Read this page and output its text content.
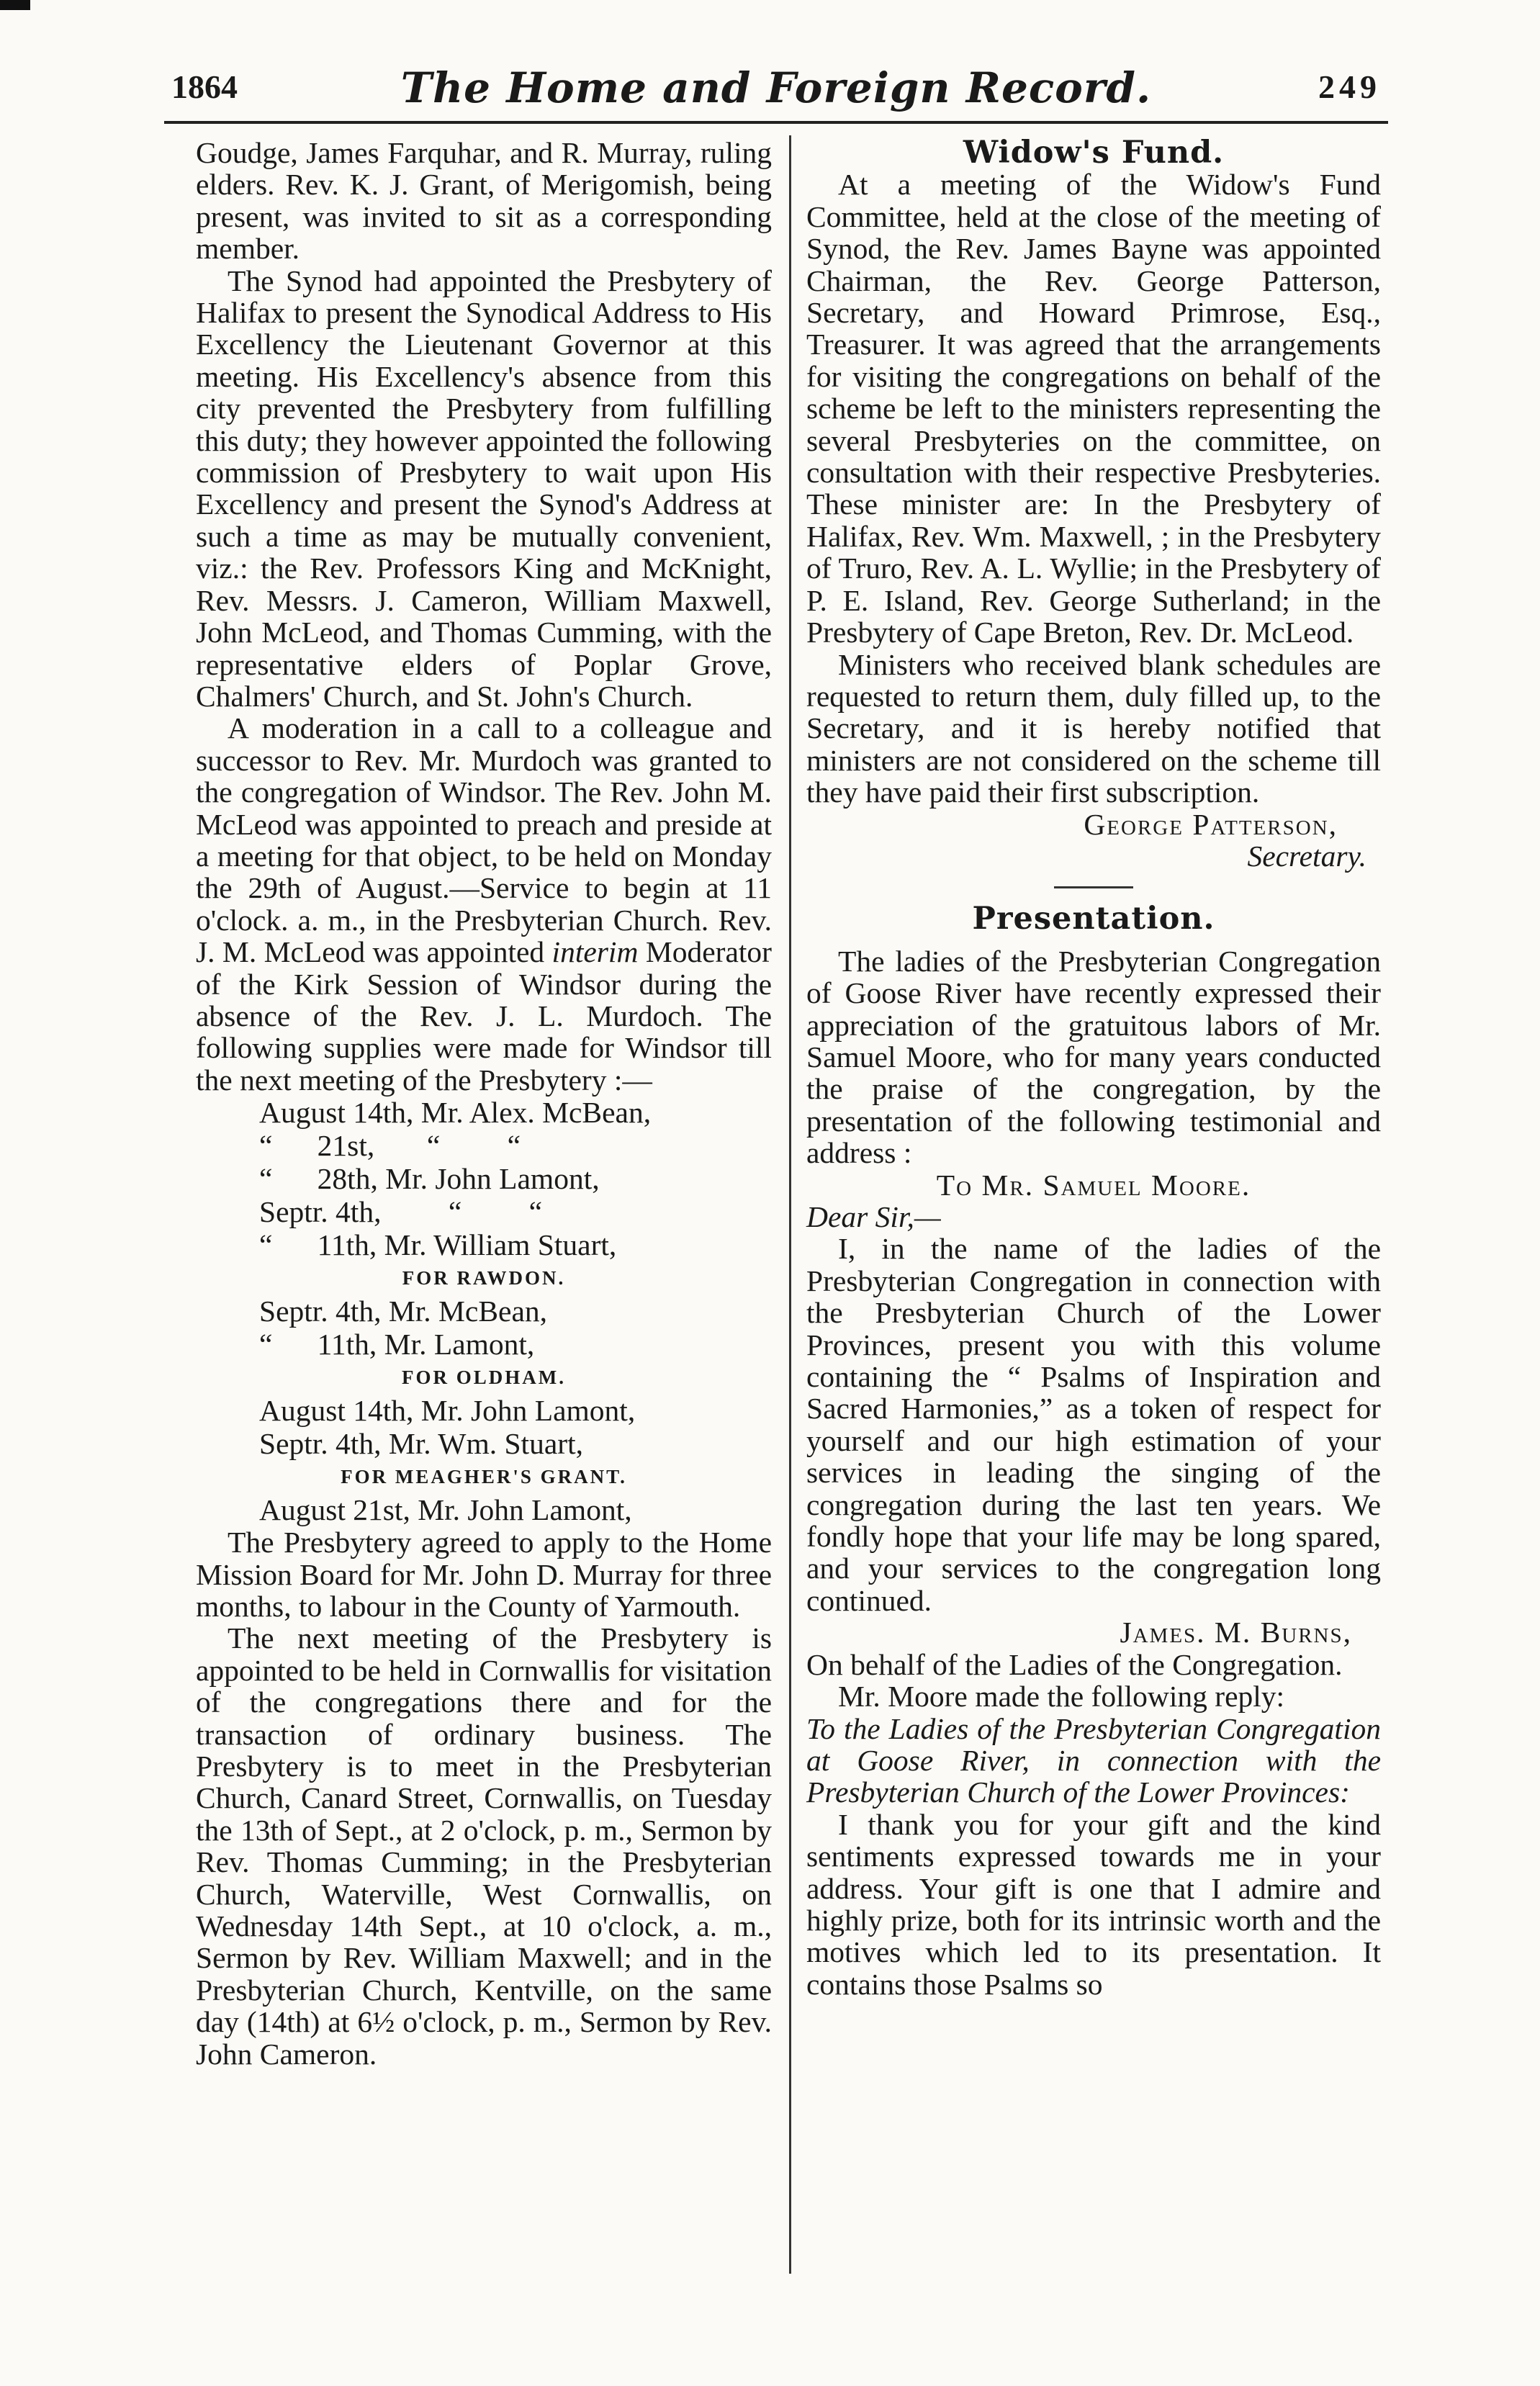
1864	The Home and Foreign Record.	249

Goudge, James Farquhar, and R. Murray, ruling elders. Rev. K. J. Grant, of Merigomish, being present, was invited to sit as a corresponding member.

The Synod had appointed the Presbytery of Halifax to present the Synodical Address to His Excellency the Lieutenant Governor at this meeting. His Excellency's absence from this city prevented the Presbytery from fulfilling this duty; they however appointed the following commission of Presbytery to wait upon His Excellency and present the Synod's Address at such a time as may be mutually convenient, viz.: the Rev. Professors King and McKnight, Rev. Messrs. J. Cameron, William Maxwell, John McLeod, and Thomas Cumming, with the representative elders of Poplar Grove, Chalmers' Church, and St. John's Church.

A moderation in a call to a colleague and successor to Rev. Mr. Murdoch was granted to the congregation of Windsor. The Rev. John M. McLeod was appointed to preach and preside at a meeting for that object, to be held on Monday the 29th of August.—Service to begin at 11 o'clock. a. m., in the Presbyterian Church. Rev. J. M. McLeod was appointed interim Moderator of the Kirk Session of Windsor during the absence of the Rev. J. L. Murdoch. The following supplies were made for Windsor till the next meeting of the Presbytery :—

August 14th, Mr. Alex. McBean,
“      21st,       “         “
“      28th, Mr. John Lamont,
Septr. 4th,         “         “
“      11th, Mr. William Stuart,
FOR RAWDON.
Septr. 4th, Mr. McBean,
“      11th, Mr. Lamont,
FOR OLDHAM.
August 14th, Mr. John Lamont,
Septr. 4th, Mr. Wm. Stuart,
FOR MEAGHER'S GRANT.
August 21st, Mr. John Lamont,

The Presbytery agreed to apply to the Home Mission Board for Mr. John D. Murray for three months, to labour in the County of Yarmouth.

The next meeting of the Presbytery is appointed to be held in Cornwallis for visitation of the congregations there and for the transaction of ordinary business. The Presbytery is to meet in the Presbyterian Church, Canard Street, Cornwallis, on Tuesday the 13th of Sept., at 2 o'clock, p. m., Sermon by Rev. Thomas Cumming; in the Presbyterian Church, Waterville, West Cornwallis, on Wednesday 14th Sept., at 10 o'clock, a. m., Sermon by Rev. William Maxwell; and in the Presbyterian Church, Kentville, on the same day (14th) at 6½ o'clock, p. m., Sermon by Rev. John Cameron.

Widow's Fund.

At a meeting of the Widow's Fund Committee, held at the close of the meeting of Synod, the Rev. James Bayne was appointed Chairman, the Rev. George Patterson, Secretary, and Howard Primrose, Esq., Treasurer. It was agreed that the arrangements for visiting the congregations on behalf of the scheme be left to the ministers representing the several Presbyteries on the committee, on consultation with their respective Presbyteries. These minister are: In the Presbytery of Halifax, Rev. Wm. Maxwell, ; in the Presbytery of Truro, Rev. A. L. Wyllie; in the Presbytery of P. E. Island, Rev. George Sutherland; in the Presbytery of Cape Breton, Rev. Dr. McLeod.

Ministers who received blank schedules are requested to return them, duly filled up, to the Secretary, and it is hereby notified that ministers are not considered on the scheme till they have paid their first subscription.

George Patterson,
Secretary.
Presentation.

The ladies of the Presbyterian Congregation of Goose River have recently expressed their appreciation of the gratuitous labors of Mr. Samuel Moore, who for many years conducted the praise of the congregation, by the presentation of the following testimonial and address :

To Mr. Samuel Moore.
Dear Sir,—

I, in the name of the ladies of the Presbyterian Congregation in connection with the Presbyterian Church of the Lower Provinces, present you with this volume containing the “ Psalms of Inspiration and Sacred Harmonies,” as a token of respect for yourself and our high estimation of your services in leading the singing of the congregation during the last ten years. We fondly hope that your life may be long spared, and your services to the congregation long continued.

James. M. Burns,
On behalf of the Ladies of the Congregation.

Mr. Moore made the following reply:

To the Ladies of the Presbyterian Congregation at Goose River, in connection with the Presbyterian Church of the Lower Provinces:

I thank you for your gift and the kind sentiments expressed towards me in your address. Your gift is one that I admire and highly prize, both for its intrinsic worth and the motives which led to its presentation. It contains those Psalms so
